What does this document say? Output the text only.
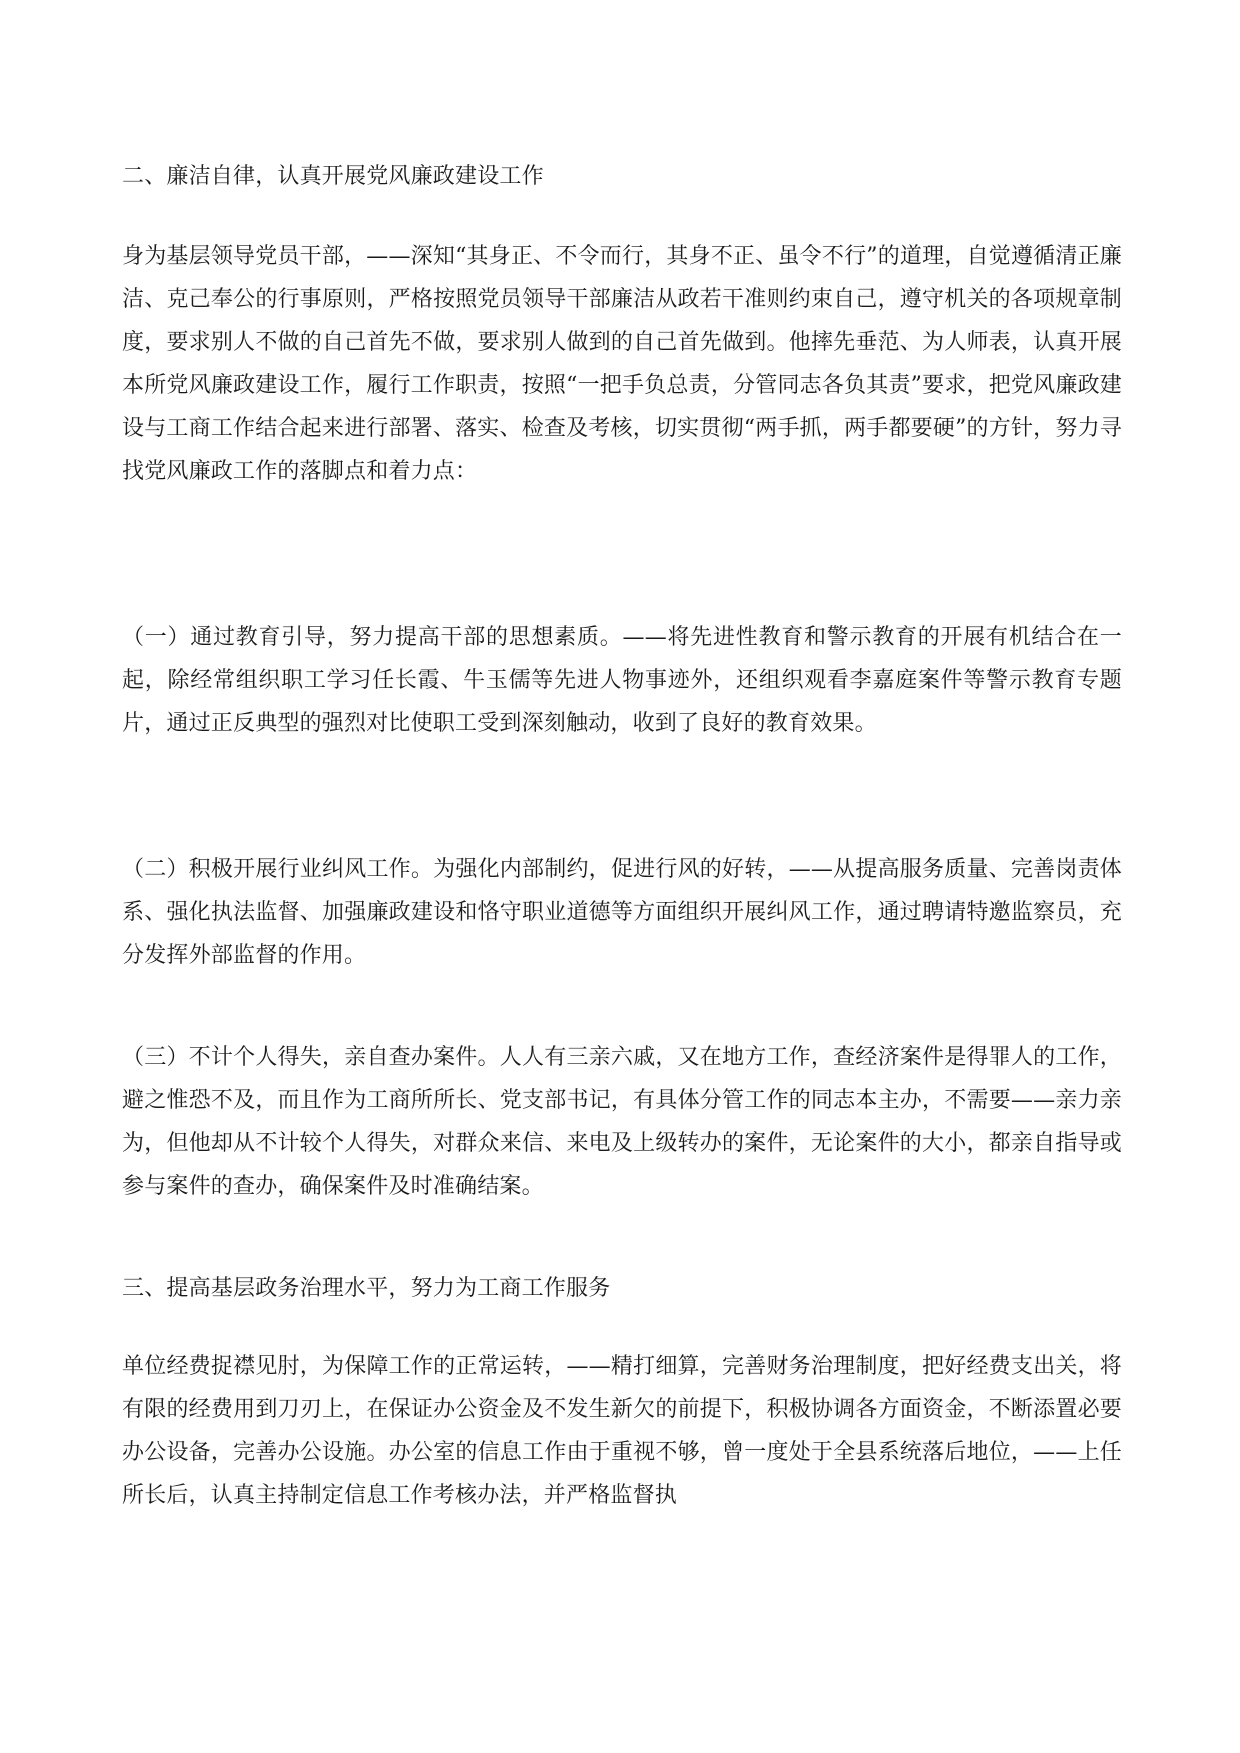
二、廉洁自律，认真开展党风廉政建设工作

身为基层领导党员干部，——深知“其身正、不令而行，其身不正、虽令不行”的道理，自觉遵循清正廉洁、克己奉公的行事原则，严格按照党员领导干部廉洁从政若干准则约束自己，遵守机关的各项规章制度，要求别人不做的自己首先不做，要求别人做到的自己首先做到。他摔先垂范、为人师表，认真开展本所党风廉政建设工作，履行工作职责，按照“一把手负总责，分管同志各负其责”要求，把党风廉政建设与工商工作结合起来进行部署、落实、检查及考核，切实贯彻“两手抓，两手都要硬”的方针，努力寻找党风廉政工作的落脚点和着力点：

（一）通过教育引导，努力提高干部的思想素质。——将先进性教育和警示教育的开展有机结合在一起，除经常组织职工学习任长霞、牛玉儒等先进人物事迹外，还组织观看李嘉庭案件等警示教育专题片，通过正反典型的强烈对比使职工受到深刻触动，收到了良好的教育效果。

（二）积极开展行业纠风工作。为强化内部制约，促进行风的好转，——从提高服务质量、完善岗责体系、强化执法监督、加强廉政建设和恪守职业道德等方面组织开展纠风工作，通过聘请特邀监察员，充分发挥外部监督的作用。

（三）不计个人得失，亲自查办案件。人人有三亲六戚，又在地方工作，查经济案件是得罪人的工作，避之惟恐不及，而且作为工商所所长、党支部书记，有具体分管工作的同志本主办，不需要——亲力亲为，但他却从不计较个人得失，对群众来信、来电及上级转办的案件，无论案件的大小，都亲自指导或参与案件的查办，确保案件及时准确结案。

三、提高基层政务治理水平，努力为工商工作服务

单位经费捉襟见肘，为保障工作的正常运转，——精打细算，完善财务治理制度，把好经费支出关，将有限的经费用到刀刃上，在保证办公资金及不发生新欠的前提下，积极协调各方面资金，不断添置必要办公设备，完善办公设施。办公室的信息工作由于重视不够，曾一度处于全县系统落后地位，——上任所长后，认真主持制定信息工作考核办法，并严格监督执
